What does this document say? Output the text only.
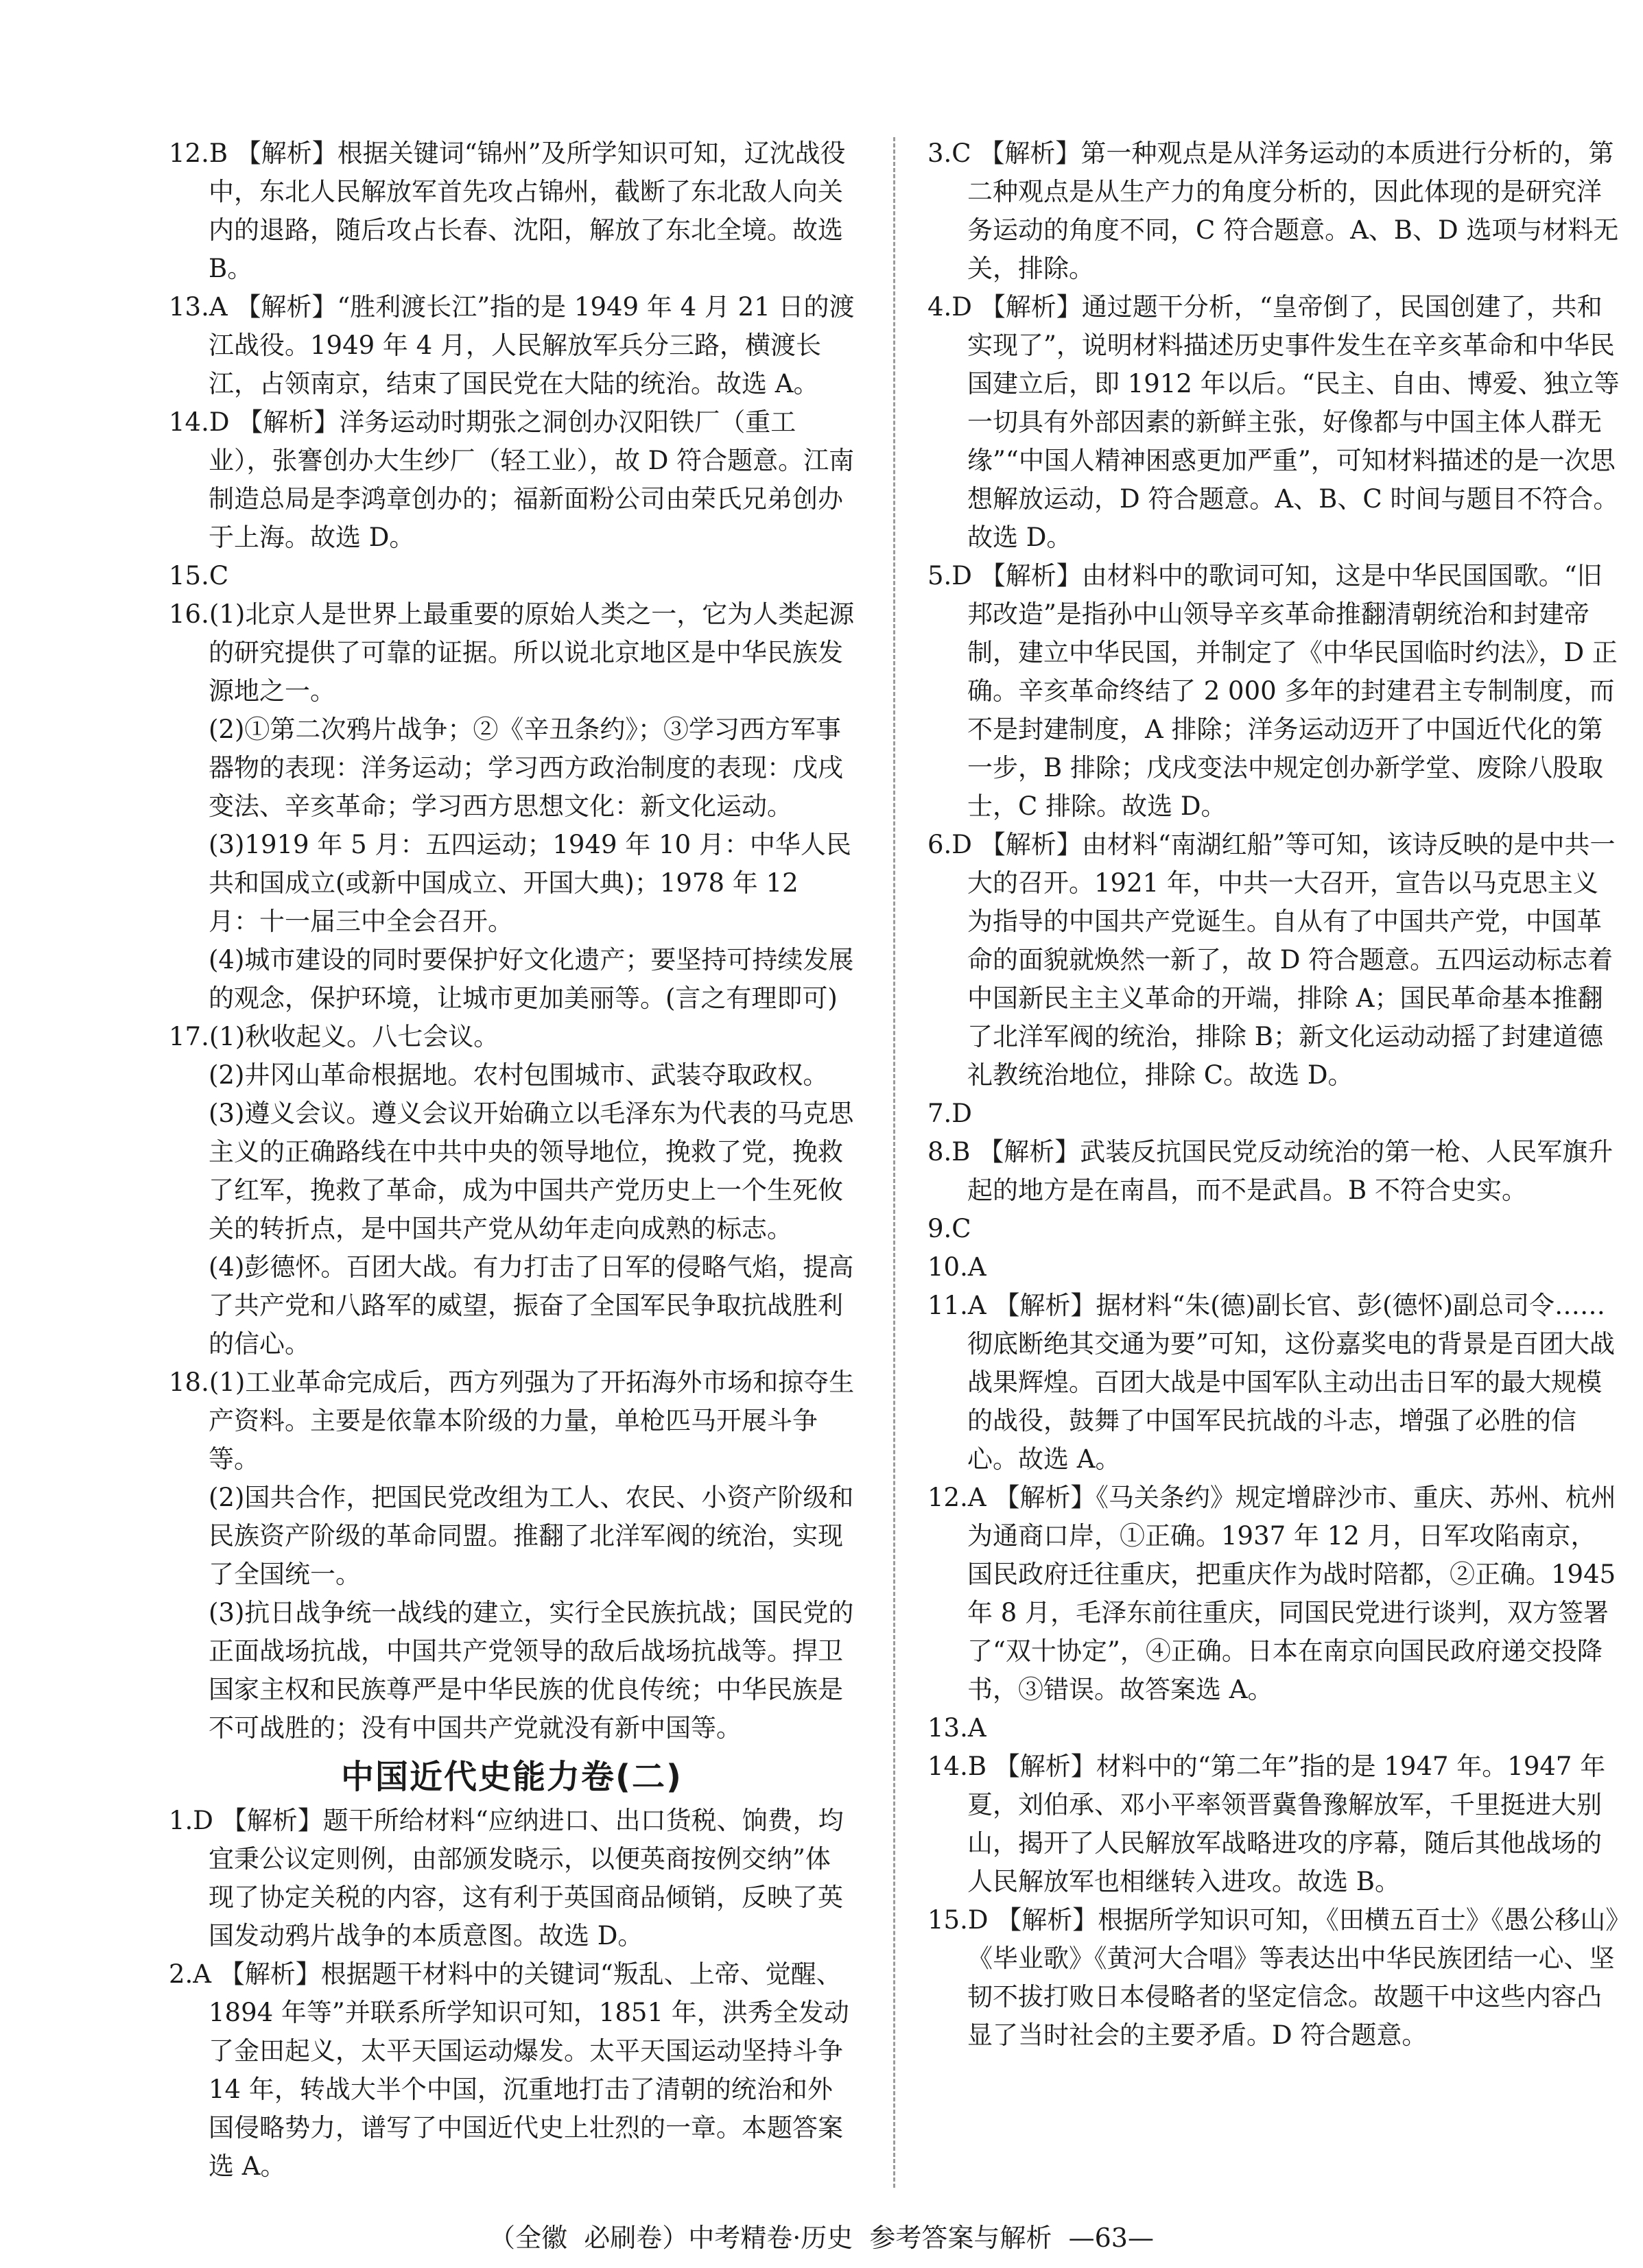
12.B 【解析】根据关键词“锦州”及所学知识可知，辽沈战役中，东北人民解放军首先攻占锦州，截断了东北敌人向关内的退路，随后攻占长春、沈阳，解放了东北全境。故选 B。

13.A 【解析】“胜利渡长江”指的是 1949 年 4 月 21 日的渡江战役。1949 年 4 月，人民解放军兵分三路，横渡长江，占领南京，结束了国民党在大陆的统治。故选 A。

14.D 【解析】洋务运动时期张之洞创办汉阳铁厂（重工业），张謇创办大生纱厂（轻工业），故 D 符合题意。江南制造总局是李鸿章创办的；福新面粉公司由荣氏兄弟创办于上海。故选 D。

15.C

16.(1)北京人是世界上最重要的原始人类之一，它为人类起源的研究提供了可靠的证据。所以说北京地区是中华民族发源地之一。

(2)①第二次鸦片战争；②《辛丑条约》；③学习西方军事器物的表现：洋务运动；学习西方政治制度的表现：戊戌变法、辛亥革命；学习西方思想文化：新文化运动。

(3)1919 年 5 月：五四运动；1949 年 10 月：中华人民共和国成立(或新中国成立、开国大典)；1978 年 12 月：十一届三中全会召开。

(4)城市建设的同时要保护好文化遗产；要坚持可持续发展的观念，保护环境，让城市更加美丽等。(言之有理即可)

17.(1)秋收起义。八七会议。

(2)井冈山革命根据地。农村包围城市、武装夺取政权。

(3)遵义会议。遵义会议开始确立以毛泽东为代表的马克思主义的正确路线在中共中央的领导地位，挽救了党，挽救了红军，挽救了革命，成为中国共产党历史上一个生死攸关的转折点，是中国共产党从幼年走向成熟的标志。

(4)彭德怀。百团大战。有力打击了日军的侵略气焰，提高了共产党和八路军的威望，振奋了全国军民争取抗战胜利的信心。

18.(1)工业革命完成后，西方列强为了开拓海外市场和掠夺生产资料。主要是依靠本阶级的力量，单枪匹马开展斗争等。

(2)国共合作，把国民党改组为工人、农民、小资产阶级和民族资产阶级的革命同盟。推翻了北洋军阀的统治，实现了全国统一。

(3)抗日战争统一战线的建立，实行全民族抗战；国民党的正面战场抗战，中国共产党领导的敌后战场抗战等。捍卫国家主权和民族尊严是中华民族的优良传统；中华民族是不可战胜的；没有中国共产党就没有新中国等。

中国近代史能力卷(二)

1.D 【解析】题干所给材料“应纳进口、出口货税、饷费，均宜秉公议定则例，由部颁发晓示，以便英商按例交纳”体现了协定关税的内容，这有利于英国商品倾销，反映了英国发动鸦片战争的本质意图。故选 D。

2.A 【解析】根据题干材料中的关键词“叛乱、上帝、觉醒、1894 年等”并联系所学知识可知，1851 年，洪秀全发动了金田起义，太平天国运动爆发。太平天国运动坚持斗争 14 年，转战大半个中国，沉重地打击了清朝的统治和外国侵略势力，谱写了中国近代史上壮烈的一章。本题答案选 A。

3.C 【解析】第一种观点是从洋务运动的本质进行分析的，第二种观点是从生产力的角度分析的，因此体现的是研究洋务运动的角度不同，C 符合题意。A、B、D 选项与材料无关，排除。

4.D 【解析】通过题干分析，“皇帝倒了，民国创建了，共和实现了”，说明材料描述历史事件发生在辛亥革命和中华民国建立后，即 1912 年以后。“民主、自由、博爱、独立等一切具有外部因素的新鲜主张，好像都与中国主体人群无缘”“中国人精神困惑更加严重”，可知材料描述的是一次思想解放运动，D 符合题意。A、B、C 时间与题目不符合。故选 D。

5.D 【解析】由材料中的歌词可知，这是中华民国国歌。“旧邦改造”是指孙中山领导辛亥革命推翻清朝统治和封建帝制，建立中华民国，并制定了《中华民国临时约法》，D 正确。辛亥革命终结了 2 000 多年的封建君主专制制度，而不是封建制度，A 排除；洋务运动迈开了中国近代化的第一步，B 排除；戊戌变法中规定创办新学堂、废除八股取士，C 排除。故选 D。

6.D 【解析】由材料“南湖红船”等可知，该诗反映的是中共一大的召开。1921 年，中共一大召开，宣告以马克思主义为指导的中国共产党诞生。自从有了中国共产党，中国革命的面貌就焕然一新了，故 D 符合题意。五四运动标志着中国新民主主义革命的开端，排除 A；国民革命基本推翻了北洋军阀的统治，排除 B；新文化运动动摇了封建道德礼教统治地位，排除 C。故选 D。

7.D

8.B 【解析】武装反抗国民党反动统治的第一枪、人民军旗升起的地方是在南昌，而不是武昌。B 不符合史实。

9.C

10.A

11.A 【解析】据材料“朱(德)副长官、彭(德怀)副总司令……彻底断绝其交通为要”可知，这份嘉奖电的背景是百团大战战果辉煌。百团大战是中国军队主动出击日军的最大规模的战役，鼓舞了中国军民抗战的斗志，增强了必胜的信心。故选 A。

12.A 【解析】《马关条约》规定增辟沙市、重庆、苏州、杭州为通商口岸，①正确。1937 年 12 月，日军攻陷南京，国民政府迁往重庆，把重庆作为战时陪都，②正确。1945 年 8 月，毛泽东前往重庆，同国民党进行谈判，双方签署了“双十协定”，④正确。日本在南京向国民政府递交投降书，③错误。故答案选 A。

13.A

14.B 【解析】材料中的“第二年”指的是 1947 年。1947 年夏，刘伯承、邓小平率领晋冀鲁豫解放军，千里挺进大别山，揭开了人民解放军战略进攻的序幕，随后其他战场的人民解放军也相继转入进攻。故选 B。

15.D 【解析】根据所学知识可知，《田横五百士》《愚公移山》《毕业歌》《黄河大合唱》等表达出中华民族团结一心、坚韧不拔打败日本侵略者的坚定信念。故题干中这些内容凸显了当时社会的主要矛盾。D 符合题意。

（全徽  必刷卷）中考精卷·历史  参考答案与解析  —63—
